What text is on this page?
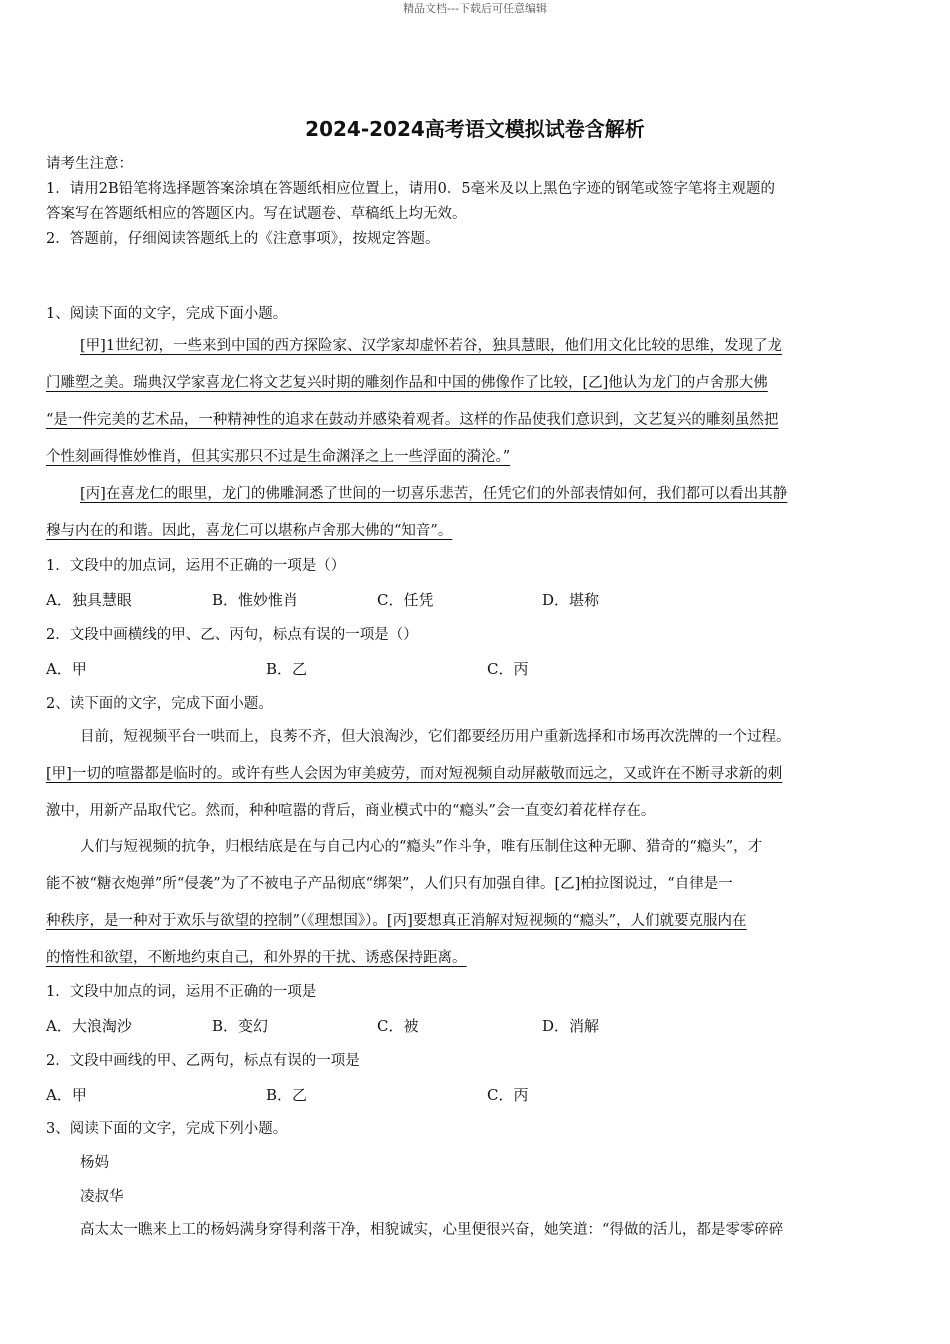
精品文档---下载后可任意编辑
2024-2024高考语文模拟试卷含解析
请考生注意：
1．请用2B铅笔将选择题答案涂填在答题纸相应位置上，请用0．5毫米及以上黑色字迹的钢笔或签字笔将主观题的
答案写在答题纸相应的答题区内。写在试题卷、草稿纸上均无效。
2．答题前，仔细阅读答题纸上的《注意事项》，按规定答题。
1、阅读下面的文字，完成下面小题。
[甲]1世纪初，一些来到中国的西方探险家、汉学家却虚怀若谷，独具慧眼，他们用文化比较的思维，发现了龙
门雕塑之美。瑞典汉学家喜龙仁将文艺复兴时期的雕刻作品和中国的佛像作了比较，[乙]他认为龙门的卢舍那大佛
“是一件完美的艺术品，一种精神性的追求在鼓动并感染着观者。这样的作品使我们意识到，文艺复兴的雕刻虽然把
个性刻画得惟妙惟肖，但其实那只不过是生命渊泽之上一些浮面的漪沦。”
[丙]在喜龙仁的眼里，龙门的佛雕洞悉了世间的一切喜乐悲苦，任凭它们的外部表情如何，我们都可以看出其静
穆与内在的和谐。因此，喜龙仁可以堪称卢舍那大佛的“知音”。
1．文段中的加点词，运用不正确的一项是（）
A．独具慧眼	B．惟妙惟肖	C．任凭	D．堪称
2．文段中画横线的甲、乙、丙句，标点有误的一项是（）
A．甲	B．乙	C．丙
2、读下面的文字，完成下面小题。
目前，短视频平台一哄而上，良莠不齐，但大浪淘沙，它们都要经历用户重新选择和市场再次洗牌的一个过程。
[甲]一切的喧嚣都是临时的。或许有些人会因为审美疲劳，而对短视频自动屏蔽敬而远之，又或许在不断寻求新的刺
激中，用新产品取代它。然而，种种喧嚣的背后，商业模式中的“瘾头”会一直变幻着花样存在。
人们与短视频的抗争，归根结底是在与自己内心的“瘾头”作斗争，唯有压制住这种无聊、猎奇的“瘾头”，才
能不被“糖衣炮弹”所“侵袭”为了不被电子产品彻底“绑架”，人们只有加强自律。[乙]柏拉图说过，“自律是一
种秩序，是一种对于欢乐与欲望的控制”（《理想国》）。[丙]要想真正消解对短视频的“瘾头”，人们就要克服内在
的惰性和欲望，不断地约束自己，和外界的干扰、诱惑保持距离。
1．文段中加点的词，运用不正确的一项是
A．大浪淘沙	B．变幻	C．被	D．消解
2．文段中画线的甲、乙两句，标点有误的一项是
A．甲	B．乙	C．丙
3、阅读下面的文字，完成下列小题。
杨妈
凌叔华
高太太一瞧来上工的杨妈满身穿得利落干净，相貌诚实，心里便很兴奋，她笑道：“得做的活儿，都是零零碎碎
